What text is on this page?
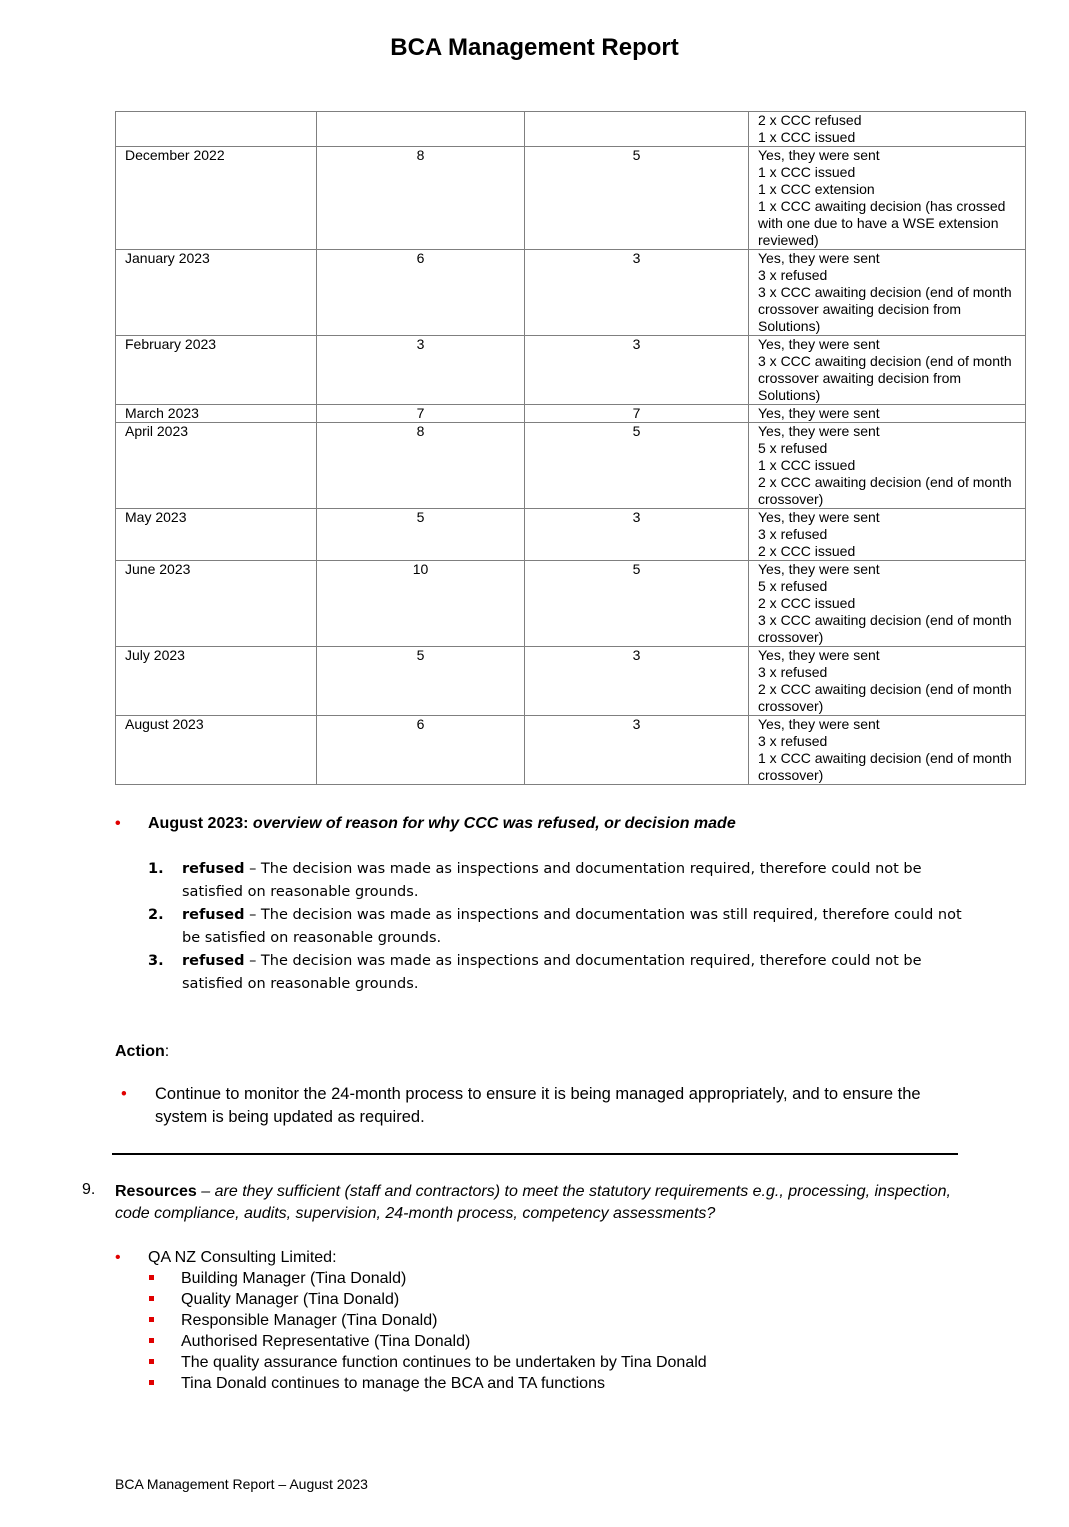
BCA Management Report
			2 x CCC refused
1 x CCC issued
December 2022	8	5	Yes, they were sent
1 x CCC issued
1 x CCC extension
1 x CCC awaiting decision (has crossed with one due to have a WSE extension reviewed)
January 2023	6	3	Yes, they were sent
3 x refused
3 x CCC awaiting decision (end of month crossover awaiting decision from Solutions)
February 2023	3	3	Yes, they were sent
3 x CCC awaiting decision (end of month crossover awaiting decision from Solutions)
March 2023	7	7	Yes, they were sent
April 2023	8	5	Yes, they were sent
5 x refused
1 x CCC issued
2 x CCC awaiting decision (end of month crossover)
May 2023	5	3	Yes, they were sent
3 x refused
2 x CCC issued
June 2023	10	5	Yes, they were sent
5 x refused
2 x CCC issued
3 x CCC awaiting decision (end of month crossover)
July 2023	5	3	Yes, they were sent
3 x refused
2 x CCC awaiting decision (end of month crossover)
August 2023	6	3	Yes, they were sent
3 x refused
1 x CCC awaiting decision (end of month crossover)
• August 2023: overview of reason for why CCC was refused, or decision made
1. refused – The decision was made as inspections and documentation required, therefore could not be satisfied on reasonable grounds.
2. refused – The decision was made as inspections and documentation was still required, therefore could not be satisfied on reasonable grounds.
3. refused – The decision was made as inspections and documentation required, therefore could not be satisfied on reasonable grounds.
Action:
• Continue to monitor the 24-month process to ensure it is being managed appropriately, and to ensure the system is being updated as required.
9. Resources – are they sufficient (staff and contractors) to meet the statutory requirements e.g., processing, inspection, code compliance, audits, supervision, 24-month process, competency assessments?
• QA NZ Consulting Limited:
Building Manager (Tina Donald)
Quality Manager (Tina Donald)
Responsible Manager (Tina Donald)
Authorised Representative (Tina Donald)
The quality assurance function continues to be undertaken by Tina Donald
Tina Donald continues to manage the BCA and TA functions
BCA Management Report – August 2023
